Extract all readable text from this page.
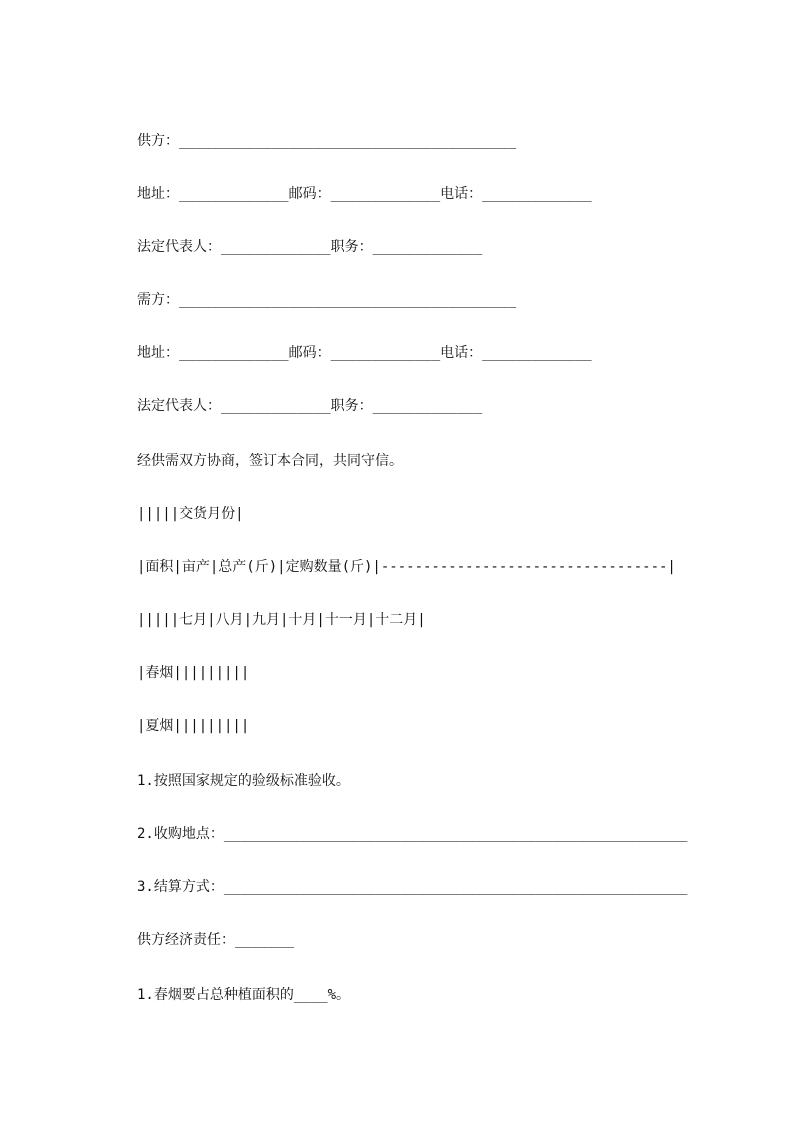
供方：________________________________________

地址：_____________邮码：_____________电话：_____________

法定代表人：_____________职务：_____________

需方：________________________________________

地址：_____________邮码：_____________电话：_____________

法定代表人：_____________职务：_____________

经供需双方协商，签订本合同，共同守信。

|||||交货月份|

|面积|亩产|总产(斤)|定购数量(斤)|----------------------------------|

|||||七月|八月|九月|十月|十一月|十二月|

|春烟|||||||||

|夏烟|||||||||

1.按照国家规定的验级标准验收。

2.收购地点：_______________________________________________________

3.结算方式：_______________________________________________________

供方经济责任：_______

1.春烟要占总种植面积的____%。
